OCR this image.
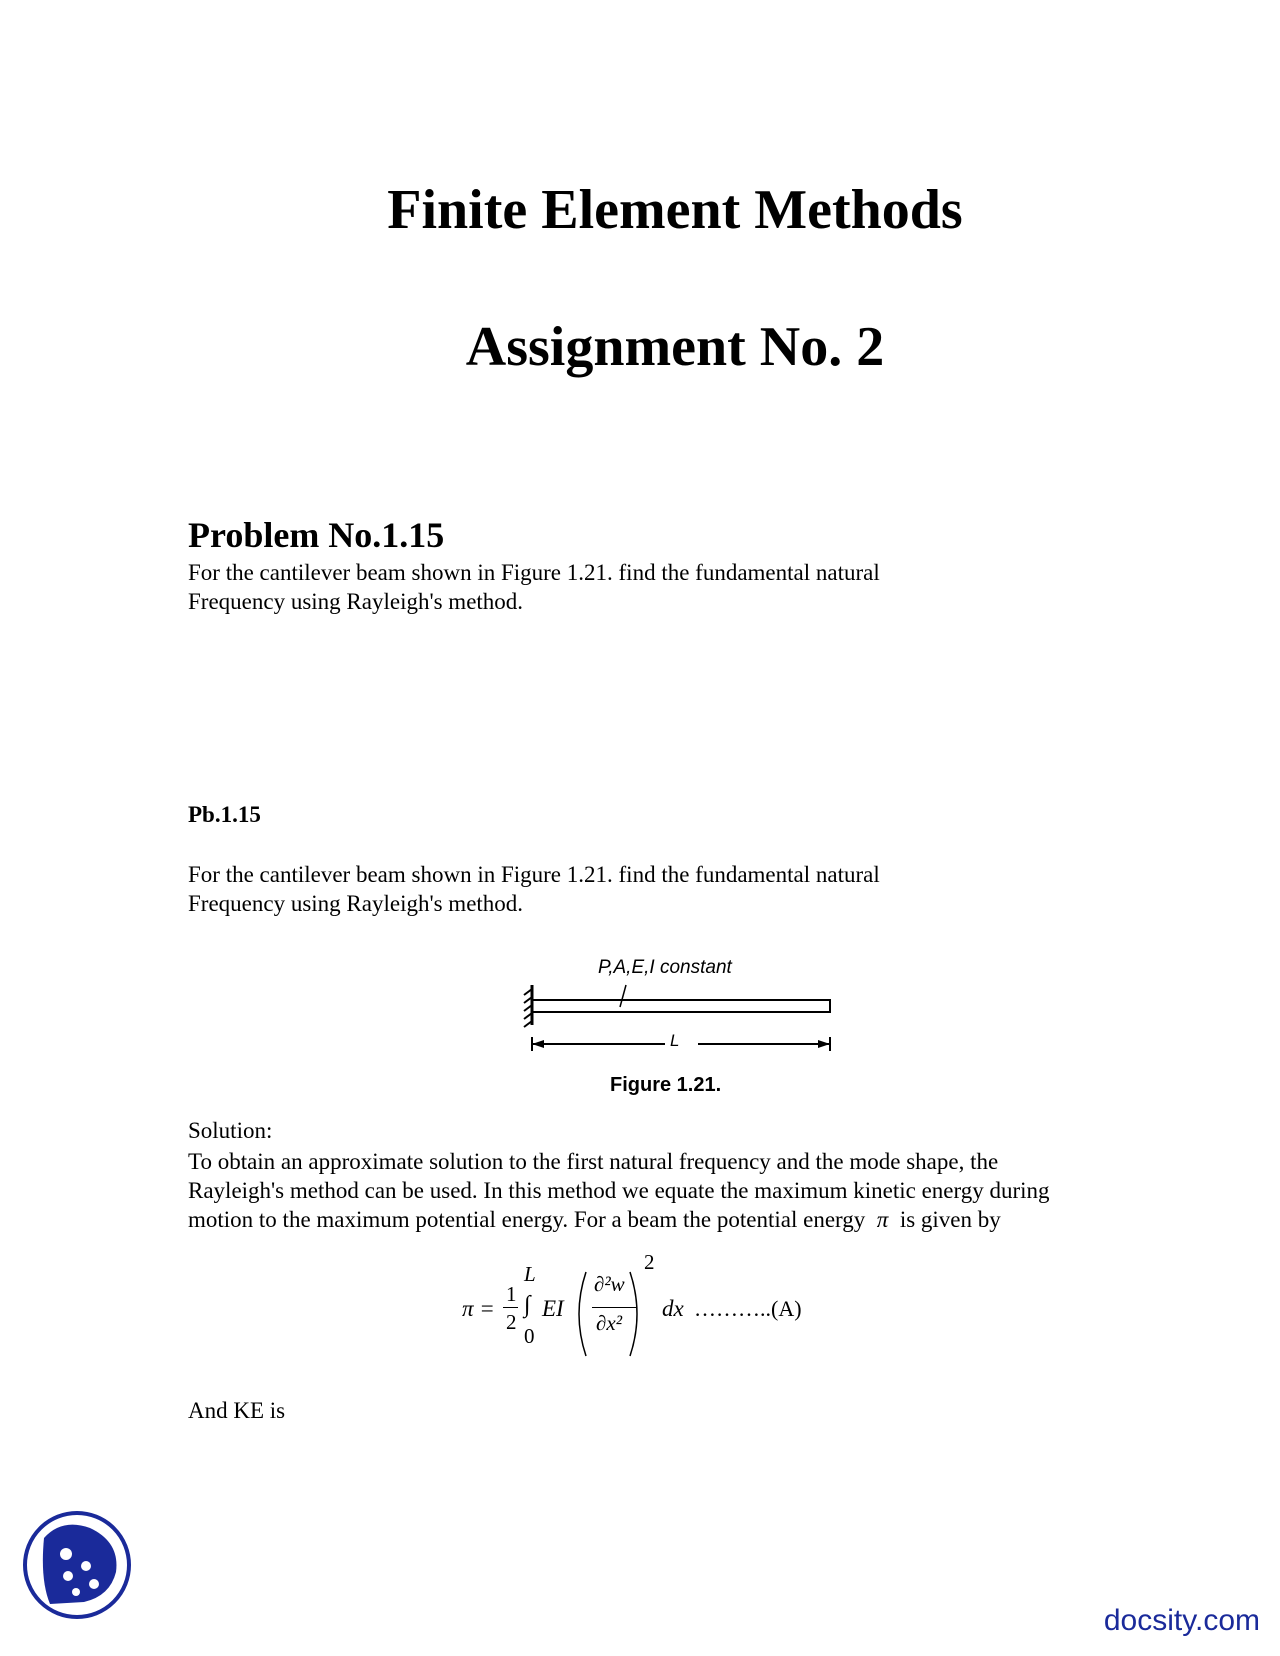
Finite Element Methods
Assignment No. 2
Problem No.1.15
For the cantilever beam shown in Figure 1.21. find the fundamental natural Frequency using Rayleigh's method.
Pb.1.15
For the cantilever beam shown in Figure 1.21. find the fundamental natural Frequency using Rayleigh's method.
P,A,E,I constant
L
Figure 1.21.
Solution:
To obtain an approximate solution to the first natural frequency and the mode shape, the Rayleigh's method can be used. In this method we equate the maximum kinetic energy during motion to the maximum potential energy. For a beam the potential energy π is given by
π =
1
2
L
∫
0
EI
∂²w
∂x²
2
dx ………..(A)
And KE is
docsity.com
